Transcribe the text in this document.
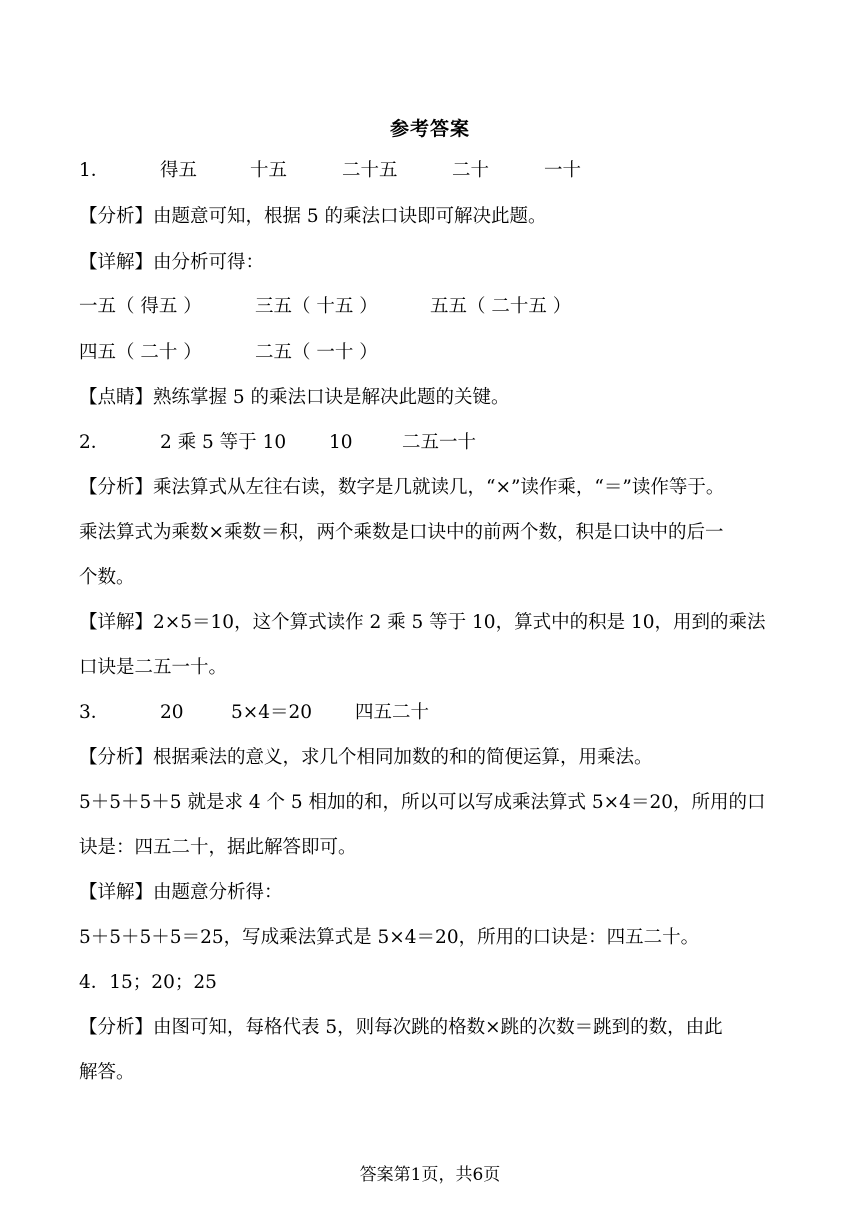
参考答案
1．	得五	十五	二十五	二十	一十
【分析】由题意可知，根据 5 的乘法口诀即可解决此题。
【详解】由分析可得：
一五（ 得五 ）	三五（ 十五 ）	五五（ 二十五 ）
四五（ 二十 ）	二五（ 一十 ）
【点睛】熟练掌握 5 的乘法口诀是解决此题的关键。
2．	2 乘 5 等于 10 10	二五一十
【分析】乘法算式从左往右读，数字是几就读几，“×”读作乘，“＝”读作等于。
乘法算式为乘数×乘数＝积，两个乘数是口诀中的前两个数，积是口诀中的后一
个数。
【详解】2×5＝10，这个算式读作 2 乘 5 等于 10，算式中的积是 10，用到的乘法
口诀是二五一十。
3．	20	5×4＝20 四五二十
【分析】根据乘法的意义，求几个相同加数的和的简便运算，用乘法。
5＋5＋5＋5 就是求 4 个 5 相加的和，所以可以写成乘法算式 5×4＝20，所用的口
诀是：四五二十，据此解答即可。
【详解】由题意分析得：
5＋5＋5＋5＝25，写成乘法算式是 5×4＝20，所用的口诀是：四五二十。
4．15；20；25
【分析】由图可知，每格代表 5，则每次跳的格数×跳的次数＝跳到的数，由此
解答。
答案第1页，共6页
